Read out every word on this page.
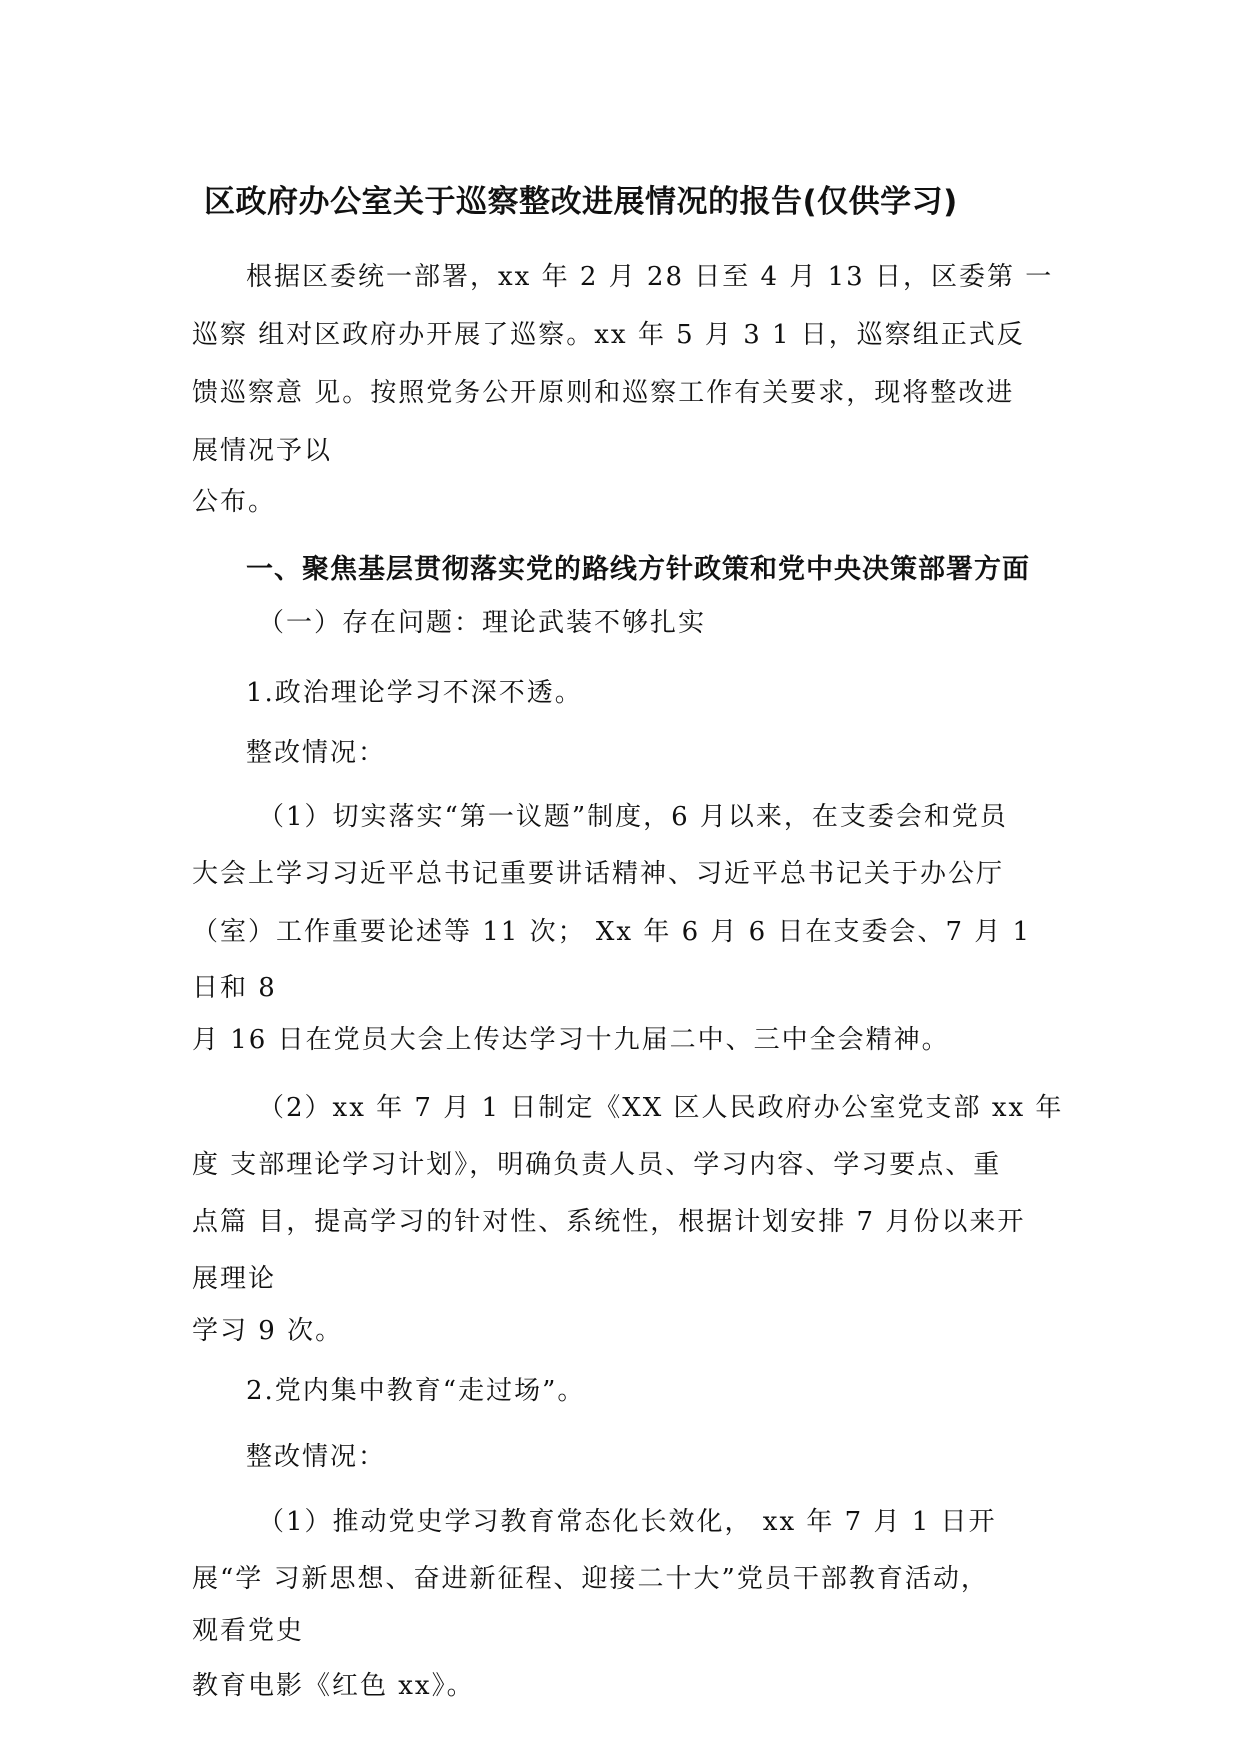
区政府办公室关于巡察整改进展情况的报告(仅供学习)
根据区委统一部署，xx 年 2 月 28 日至 4 月 13 日，区委第 一
巡察 组对区政府办开展了巡察。xx 年 5 月 3 1 日，巡察组正式反
馈巡察意 见。按照党务公开原则和巡察工作有关要求，现将整改进
展情况予以
公布。
一、聚焦基层贯彻落实党的路线方针政策和党中央决策部署方面
（一）存在问题：理论武装不够扎实
1.政治理论学习不深不透。
整改情况：
（1）切实落实“第一议题”制度，6 月以来，在支委会和党员
大会上学习习近平总书记重要讲话精神、习近平总书记关于办公厅
（室）工作重要论述等 11 次； Xx 年 6 月 6 日在支委会、7 月 1
日和 8
月 16 日在党员大会上传达学习十九届二中、三中全会精神。
（2）xx 年 7 月 1 日制定《XX 区人民政府办公室党支部 xx 年
度 支部理论学习计划》，明确负责人员、学习内容、学习要点、重
点篇 目，提高学习的针对性、系统性，根据计划安排 7 月份以来开
展理论
学习 9 次。
2.党内集中教育“走过场”。
整改情况：
（1）推动党史学习教育常态化长效化， xx 年 7 月 1 日开
展“学 习新思想、奋进新征程、迎接二十大”党员干部教育活动，
观看党史
教育电影《红色 xx》。
